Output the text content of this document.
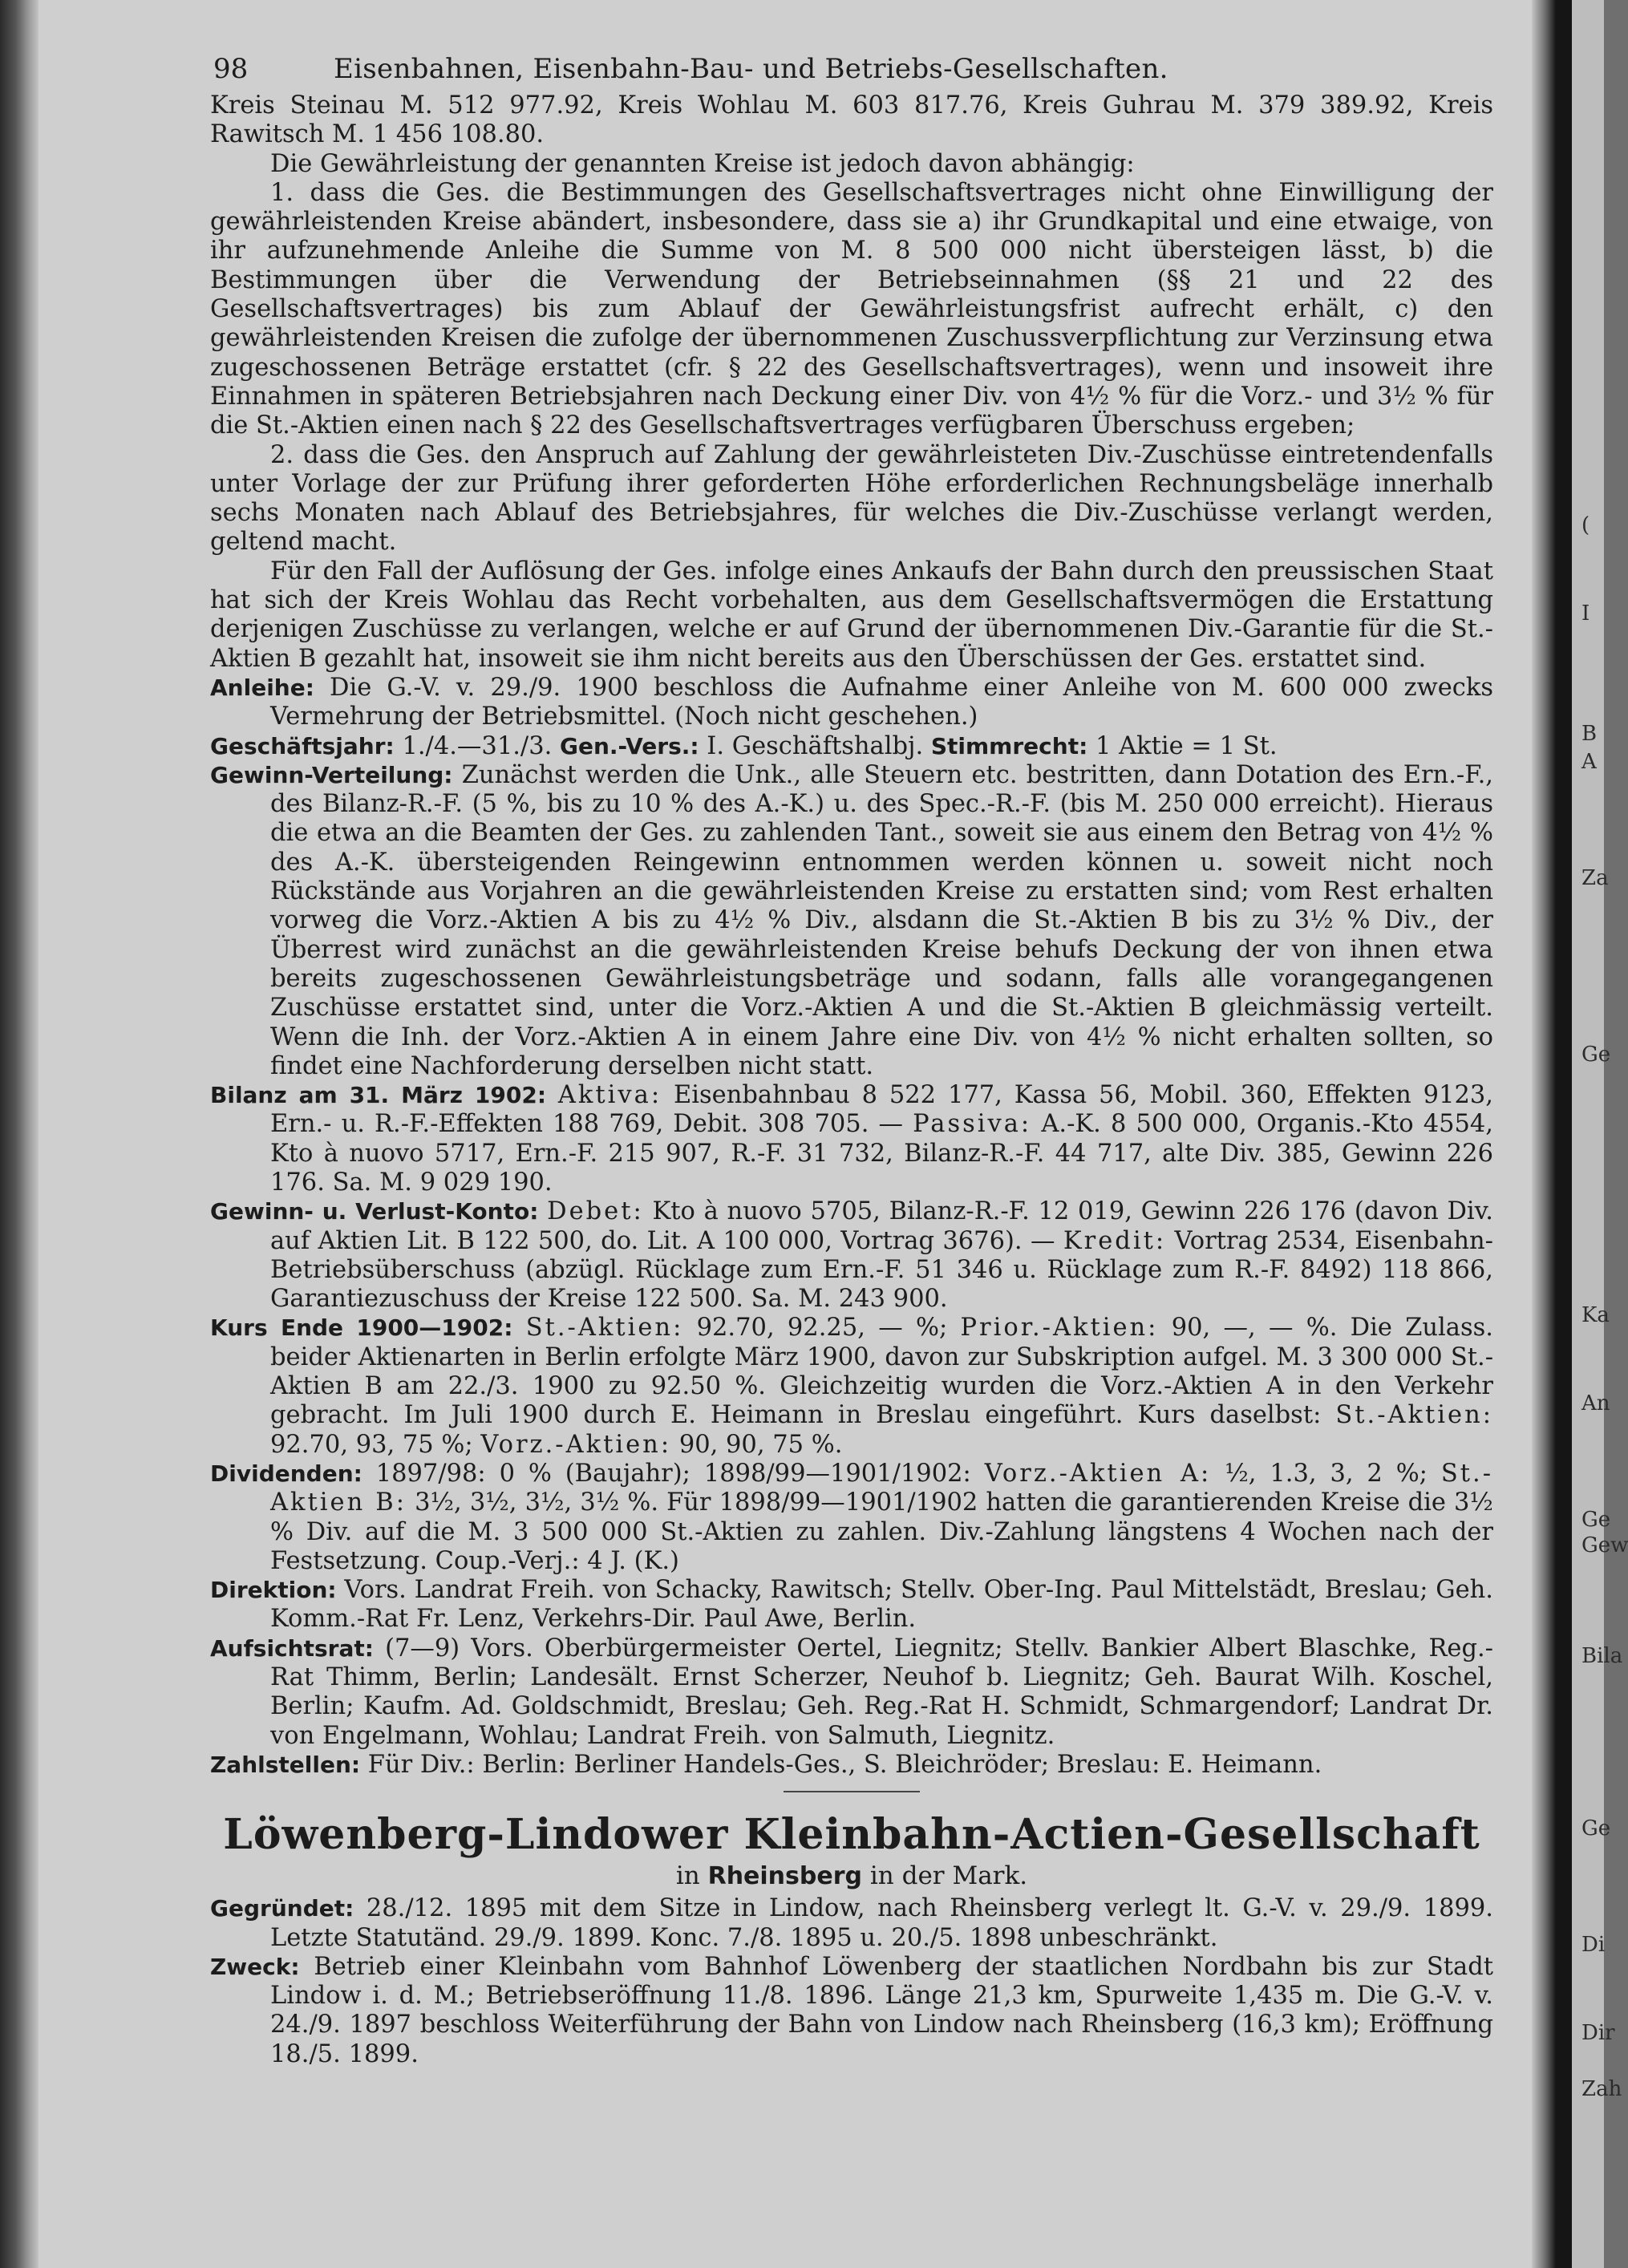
98	Eisenbahnen, Eisenbahn-Bau- und Betriebs-Gesellschaften.

Kreis Steinau M. 512 977.92, Kreis Wohlau M. 603 817.76, Kreis Guhrau M. 379 389.92, Kreis Rawitsch M. 1 456 108.80.

Die Gewährleistung der genannten Kreise ist jedoch davon abhängig:

1. dass die Ges. die Bestimmungen des Gesellschaftsvertrages nicht ohne Einwilligung der gewährleistenden Kreise abändert, insbesondere, dass sie a) ihr Grundkapital und eine etwaige, von ihr aufzunehmende Anleihe die Summe von M. 8 500 000 nicht übersteigen lässt, b) die Bestimmungen über die Verwendung der Betriebseinnahmen (§§ 21 und 22 des Gesellschaftsvertrages) bis zum Ablauf der Gewährleistungsfrist aufrecht erhält, c) den gewährleistenden Kreisen die zufolge der übernommenen Zuschussverpflichtung zur Verzinsung etwa zugeschossenen Beträge erstattet (cfr. § 22 des Gesellschaftsvertrages), wenn und insoweit ihre Einnahmen in späteren Betriebsjahren nach Deckung einer Div. von 4½ % für die Vorz.- und 3½ % für die St.-Aktien einen nach § 22 des Gesellschaftsvertrages verfügbaren Überschuss ergeben;

2. dass die Ges. den Anspruch auf Zahlung der gewährleisteten Div.-Zuschüsse eintretendenfalls unter Vorlage der zur Prüfung ihrer geforderten Höhe erforderlichen Rechnungsbeläge innerhalb sechs Monaten nach Ablauf des Betriebsjahres, für welches die Div.-Zuschüsse verlangt werden, geltend macht.

Für den Fall der Auflösung der Ges. infolge eines Ankaufs der Bahn durch den preussischen Staat hat sich der Kreis Wohlau das Recht vorbehalten, aus dem Gesellschaftsvermögen die Erstattung derjenigen Zuschüsse zu verlangen, welche er auf Grund der übernommenen Div.-Garantie für die St.-Aktien B gezahlt hat, insoweit sie ihm nicht bereits aus den Überschüssen der Ges. erstattet sind.

Anleihe: Die G.-V. v. 29./9. 1900 beschloss die Aufnahme einer Anleihe von M. 600 000 zwecks Vermehrung der Betriebsmittel. (Noch nicht geschehen.)

Geschäftsjahr: 1./4.—31./3. Gen.-Vers.: I. Geschäftshalbj. Stimmrecht: 1 Aktie = 1 St.

Gewinn-Verteilung: Zunächst werden die Unk., alle Steuern etc. bestritten, dann Dotation des Ern.-F., des Bilanz-R.-F. (5 %, bis zu 10 % des A.-K.) u. des Spec.-R.-F. (bis M. 250 000 erreicht). Hieraus die etwa an die Beamten der Ges. zu zahlenden Tant., soweit sie aus einem den Betrag von 4½ % des A.-K. übersteigenden Reingewinn entnommen werden können u. soweit nicht noch Rückstände aus Vorjahren an die gewährleistenden Kreise zu erstatten sind; vom Rest erhalten vorweg die Vorz.-Aktien A bis zu 4½ % Div., alsdann die St.-Aktien B bis zu 3½ % Div., der Überrest wird zunächst an die gewährleistenden Kreise behufs Deckung der von ihnen etwa bereits zugeschossenen Gewährleistungsbeträge und sodann, falls alle vorangegangenen Zuschüsse erstattet sind, unter die Vorz.-Aktien A und die St.-Aktien B gleichmässig verteilt. Wenn die Inh. der Vorz.-Aktien A in einem Jahre eine Div. von 4½ % nicht erhalten sollten, so findet eine Nachforderung derselben nicht statt.

Bilanz am 31. März 1902: Aktiva: Eisenbahnbau 8 522 177, Kassa 56, Mobil. 360, Effekten 9123, Ern.- u. R.-F.-Effekten 188 769, Debit. 308 705. — Passiva: A.-K. 8 500 000, Organis.-Kto 4554, Kto à nuovo 5717, Ern.-F. 215 907, R.-F. 31 732, Bilanz-R.-F. 44 717, alte Div. 385, Gewinn 226 176. Sa. M. 9 029 190.

Gewinn- u. Verlust-Konto: Debet: Kto à nuovo 5705, Bilanz-R.-F. 12 019, Gewinn 226 176 (davon Div. auf Aktien Lit. B 122 500, do. Lit. A 100 000, Vortrag 3676). — Kredit: Vortrag 2534, Eisenbahn-Betriebsüberschuss (abzügl. Rücklage zum Ern.-F. 51 346 u. Rücklage zum R.-F. 8492) 118 866, Garantiezuschuss der Kreise 122 500. Sa. M. 243 900.

Kurs Ende 1900—1902: St.-Aktien: 92.70, 92.25, — %; Prior.-Aktien: 90, —, — %. Die Zulass. beider Aktienarten in Berlin erfolgte März 1900, davon zur Subskription aufgel. M. 3 300 000 St.-Aktien B am 22./3. 1900 zu 92.50 %. Gleichzeitig wurden die Vorz.-Aktien A in den Verkehr gebracht. Im Juli 1900 durch E. Heimann in Breslau eingeführt. Kurs daselbst: St.-Aktien: 92.70, 93, 75 %; Vorz.-Aktien: 90, 90, 75 %.

Dividenden: 1897/98: 0 % (Baujahr); 1898/99—1901/1902: Vorz.-Aktien A: ½, 1.3, 3, 2 %; St.-Aktien B: 3½, 3½, 3½, 3½ %. Für 1898/99—1901/1902 hatten die garantierenden Kreise die 3½ % Div. auf die M. 3 500 000 St.-Aktien zu zahlen. Div.-Zahlung längstens 4 Wochen nach der Festsetzung. Coup.-Verj.: 4 J. (K.)

Direktion: Vors. Landrat Freih. von Schacky, Rawitsch; Stellv. Ober-Ing. Paul Mittelstädt, Breslau; Geh. Komm.-Rat Fr. Lenz, Verkehrs-Dir. Paul Awe, Berlin.

Aufsichtsrat: (7—9) Vors. Oberbürgermeister Oertel, Liegnitz; Stellv. Bankier Albert Blaschke, Reg.-Rat Thimm, Berlin; Landesält. Ernst Scherzer, Neuhof b. Liegnitz; Geh. Baurat Wilh. Koschel, Berlin; Kaufm. Ad. Goldschmidt, Breslau; Geh. Reg.-Rat H. Schmidt, Schmargendorf; Landrat Dr. von Engelmann, Wohlau; Landrat Freih. von Salmuth, Liegnitz.

Zahlstellen: Für Div.: Berlin: Berliner Handels-Ges., S. Bleichröder; Breslau: E. Heimann.

Löwenberg-Lindower Kleinbahn-Actien-Gesellschaft

in Rheinsberg in der Mark.

Gegründet: 28./12. 1895 mit dem Sitze in Lindow, nach Rheinsberg verlegt lt. G.-V. v. 29./9. 1899. Letzte Statutänd. 29./9. 1899. Konc. 7./8. 1895 u. 20./5. 1898 unbeschränkt.

Zweck: Betrieb einer Kleinbahn vom Bahnhof Löwenberg der staatlichen Nordbahn bis zur Stadt Lindow i. d. M.; Betriebseröffnung 11./8. 1896. Länge 21,3 km, Spurweite 1,435 m. Die G.-V. v. 24./9. 1897 beschloss Weiterführung der Bahn von Lindow nach Rheinsberg (16,3 km); Eröffnung 18./5. 1899.

(
I
B
A
Za
Ge
Ka
An
Ge
Gew
Bila
Ge
Di
Dir
Zah
